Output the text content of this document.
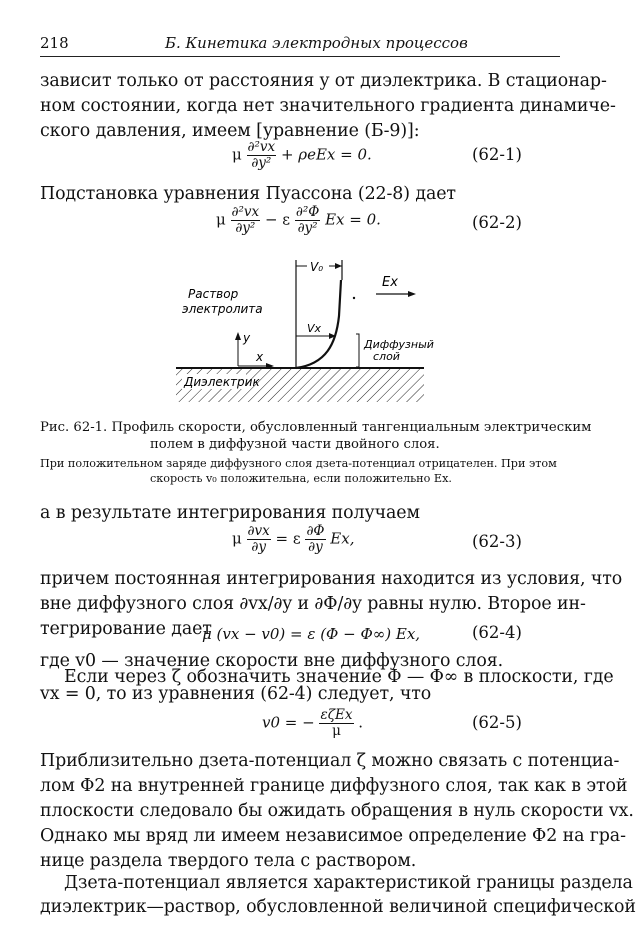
218	Б. Кинетика электродных процессов
зависит только от расстояния y от диэлектрика. В стационар-
ном состоянии, когда нет значительного градиента динамиче-
ского давления, имеем [уравнение (Б-9)]:
μ $\frac{\text{∂²vx}}{\text{∂y²}} + \rho eEx = 0$.	(62-1)
Подстановка уравнения Пуассона (22-8) дает
μ $\frac{\text{∂²vx}}{\text{∂y²}} - \varepsilon \frac{\text{∂²Φ}}{\text{∂y²}}$ Ex = 0.	(62-2)
Диэлектрик
V₀
Ex
Раствор
электролита
Vx
y
x
Диффузный
слой
Рис. 62-1. Профиль скорости, обусловленный тангенциальным электрическим
полем в диффузной части двойного слоя.
При положительном заряде диффузного слоя дзета-потенциал отрицателен. При этом
скорость v₀ положительна, если положительно Ex.
а в результате интегрирования получаем
μ $\frac{\partial vx}{\partial y} = \varepsilon \frac{\partial\Phi}{\partial y} Ex$,	(62-3)
причем постоянная интегрирования находится из условия, что
вне диффузного слоя ∂vx/∂y и ∂Φ/∂y равны нулю. Второе ин-
тегрирование дает
μ (vx − v0) = ε (Φ − Φ∞) Ex,	(62-4)
где v0 — значение скорости вне диффузного слоя.
Если через ζ обозначить значение Φ — Φ∞ в плоскости, где
vx = 0, то из уравнения (62-4) следует, что
v0 = − $\frac{\text{εζEx}}{\mu}$ .	(62-5)
Приблизительно дзета-потенциал ζ можно связать с потенциа-
лом Φ2 на внутренней границе диффузного слоя, так как в этой
плоскости следовало бы ожидать обращения в нуль скорости vx.
Однако мы вряд ли имеем независимое определение Φ2 на гра-
нице раздела твердого тела с раствором.
Дзета-потенциал является характеристикой границы раздела
диэлектрик—раствор, обусловленной величиной специфической
